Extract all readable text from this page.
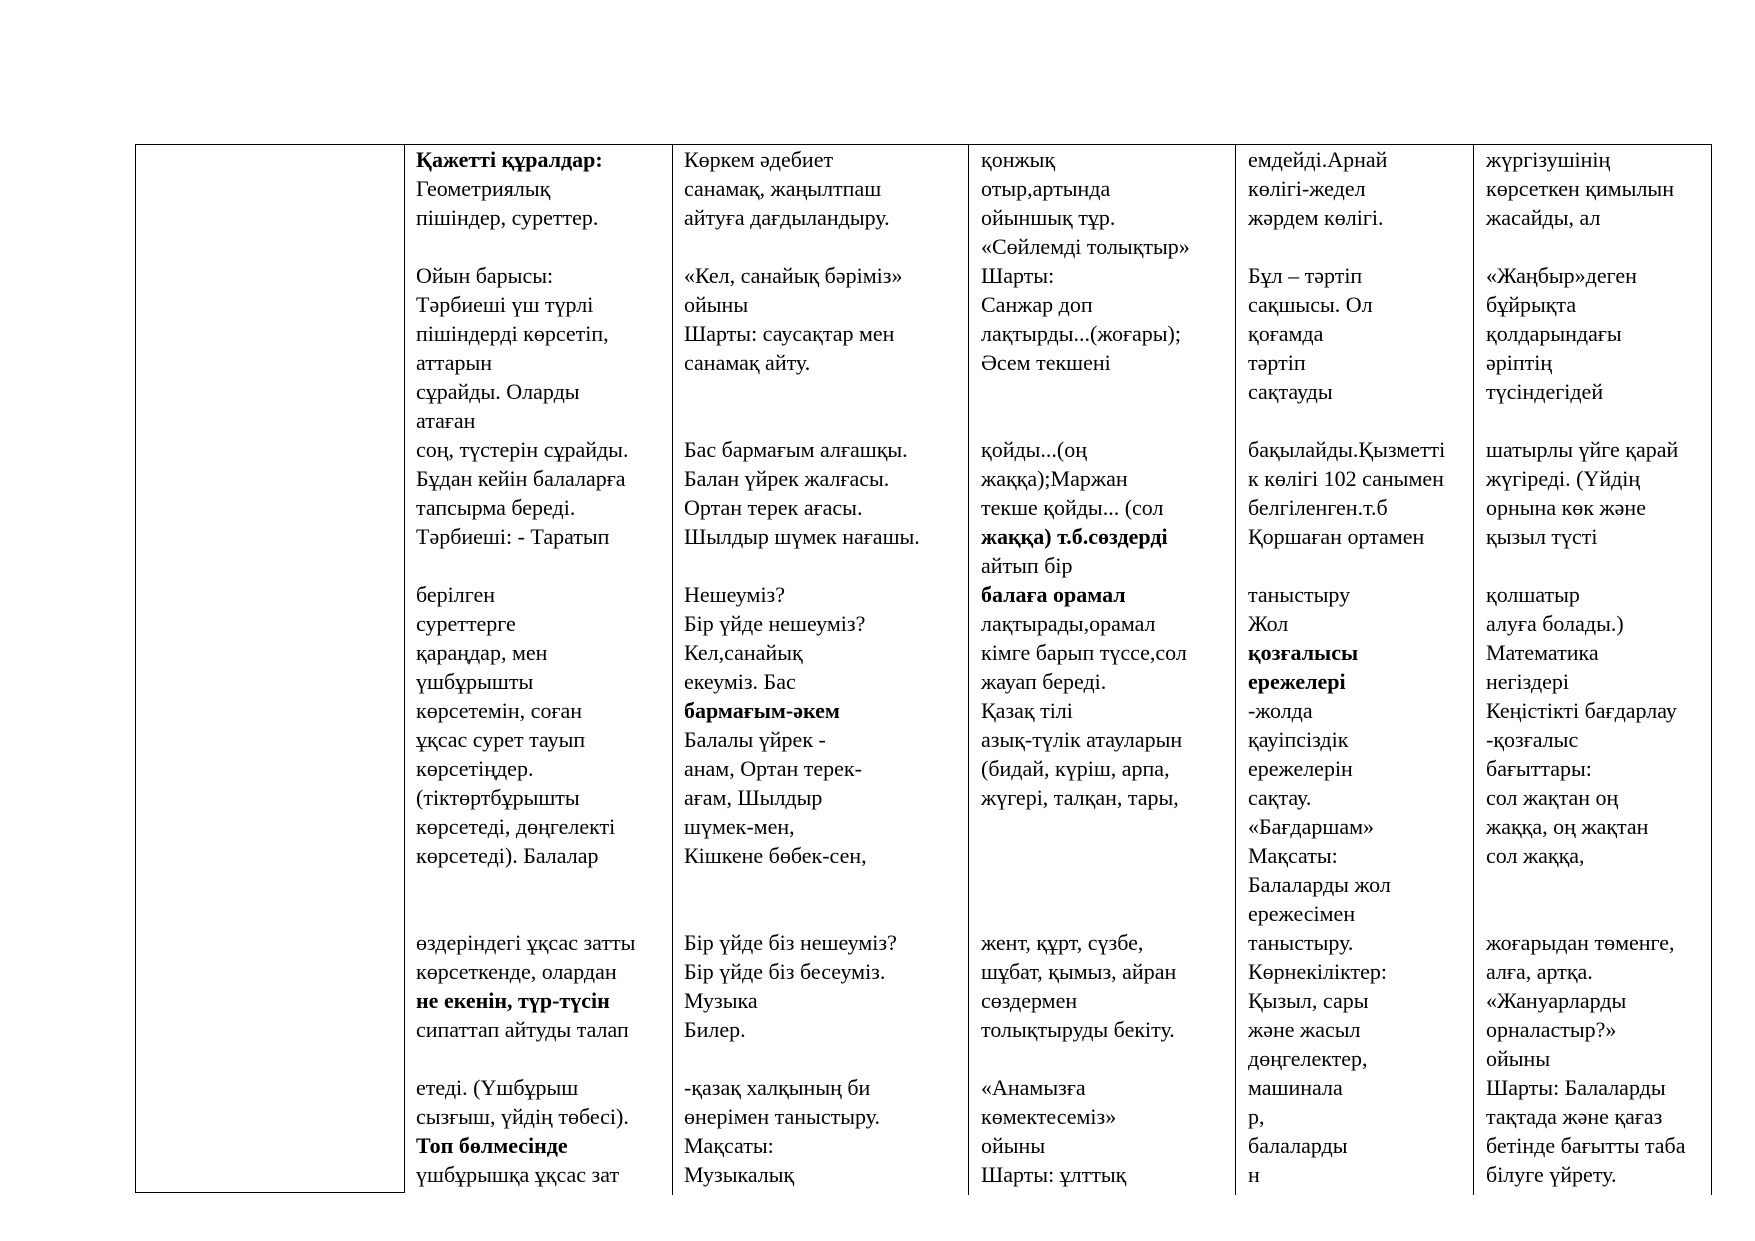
Қажетті құралдар:
Геометриялық
пішіндер, суреттер.
Ойын барысы:
Тәрбиеші үш түрлі
пішіндерді көрсетіп,
аттарын
сұрайды. Оларды
атаған
соң, түстерін сұрайды.
Бұдан кейін балаларға
тапсырма береді.
Тәрбиеші: - Таратып
берілген
суреттерге
қараңдар, мен
үшбұрышты
көрсетемін, соған
ұқсас сурет тауып
көрсетіңдер.
(тіктөртбұрышты
көрсетеді, дөңгелекті
көрсетеді). Балалар
өздеріндегі ұқсас затты
көрсеткенде, олардан
не екенін, түр-түсін
сипаттап айтуды талап
етеді. (Үшбұрыш
сызғыш, үйдің төбесі).
Топ бөлмесінде
үшбұрышқа ұқсас зат
Көркем әдебиет
санамақ, жаңылтпаш
айтуға дағдыландыру.
«Кел, санайық бәріміз»
ойыны
Шарты: саусақтар мен
санамақ айту.
Бас бармағым алғашқы.
Балан үйрек жалғасы.
Ортан терек ағасы.
Шылдыр шүмек нағашы.
Нешеуміз?
Бір үйде нешеуміз?
Кел,санайық
екеуміз. Бас
бармағым-әкем
Балалы үйрек -
анам, Ортан терек-
ағам, Шылдыр
шүмек-мен,
Кішкене бөбек-сен,
Бір үйде біз нешеуміз?
Бір үйде біз бесеуміз.
Музыка
Билер.
-қазақ халқының би
өнерімен таныстыру.
Мақсаты:
Музыкалық
қонжық
отыр,артында
ойыншық тұр.
«Сөйлемді толықтыр»
Шарты:
Санжар доп
лақтырды...(жоғары);
Әсем текшені
қойды...(оң
жаққа);Маржан
текше қойды... (сол
жаққа) т.б.сөздерді
айтып бір
балаға орамал
лақтырады,орамал
кімге барып түссе,сол
жауап береді.
Қазақ тілі
азық-түлік атауларын
(бидай, күріш, арпа,
жүгері, талқан, тары,
жент, құрт, сүзбе,
шұбат, қымыз, айран
сөздермен
толықтыруды бекіту.
«Анамызға
көмектесеміз»
ойыны
Шарты: ұлттық
емдейді.Арнай
көлігі-жедел
жәрдем көлігі.
Бұл – тәртіп
сақшысы. Ол
қоғамда
тәртіп
сақтауды
бақылайды.Қызметті
к көлігі 102 санымен
белгіленген.т.б
Қоршаған ортамен
таныстыру
Жол
қозғалысы
ережелері
-жолда
қауіпсіздік
ережелерін
сақтау.
«Бағдаршам»
Мақсаты:
Балаларды жол
ережесімен
таныстыру.
Көрнекіліктер:
Қызыл, сары
және жасыл
дөңгелектер,
машинала
р,
балаларды
н
жүргізушінің
көрсеткен қимылын
жасайды, ал
«Жаңбыр»деген
бұйрықта
қолдарындағы
әріптің
түсіндегідей
шатырлы үйге қарай
жүгіреді. (Үйдің
орнына көк және
қызыл түсті
қолшатыр
алуға болады.)
Математика
негіздері
Кеңістікті бағдарлау
-қозғалыс
бағыттары:
сол жақтан оң
жаққа, оң жақтан
сол жаққа,
жоғарыдан төменге,
алға, артқа.
«Жануарларды
орналастыр?»
ойыны
Шарты: Балаларды
тақтада және қағаз
бетінде бағытты таба
білуге үйрету.
